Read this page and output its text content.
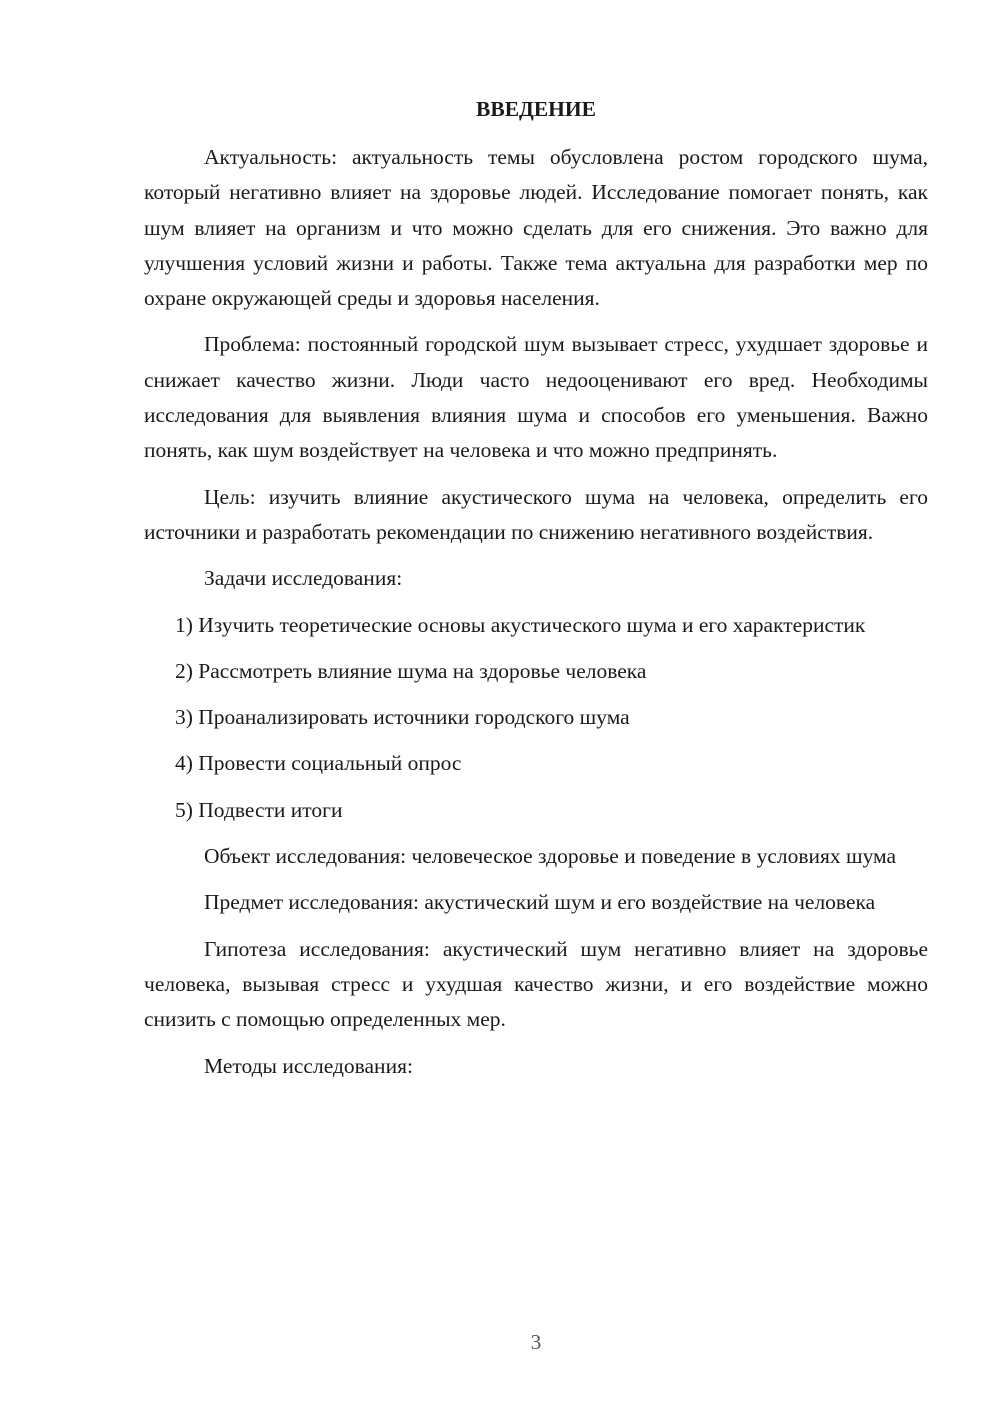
ВВЕДЕНИЕ

Актуальность: актуальность темы обусловлена ростом городского шума, который негативно влияет на здоровье людей. Исследование помогает понять, как шум влияет на организм и что можно сделать для его снижения. Это важно для улучшения условий жизни и работы. Также тема актуальна для разработки мер по охране окружающей среды и здоровья населения.

Проблема: постоянный городской шум вызывает стресс, ухудшает здоровье и снижает качество жизни. Люди часто недооценивают его вред. Необходимы исследования для выявления влияния шума и способов его уменьшения. Важно понять, как шум воздействует на человека и что можно предпринять.

Цель: изучить влияние акустического шума на человека, определить его источники и разработать рекомендации по снижению негативного воздействия.

Задачи исследования:

1) Изучить теоретические основы акустического шума и его характеристик

2) Рассмотреть влияние шума на здоровье человека

3) Проанализировать источники городского шума

4) Провести социальный опрос

5) Подвести итоги

Объект исследования: человеческое здоровье и поведение в условиях шума

Предмет исследования: акустический шум и его воздействие на человека

Гипотеза исследования: акустический шум негативно влияет на здоровье человека, вызывая стресс и ухудшая качество жизни, и его воздействие можно снизить с помощью определенных мер.

Методы исследования:

3
